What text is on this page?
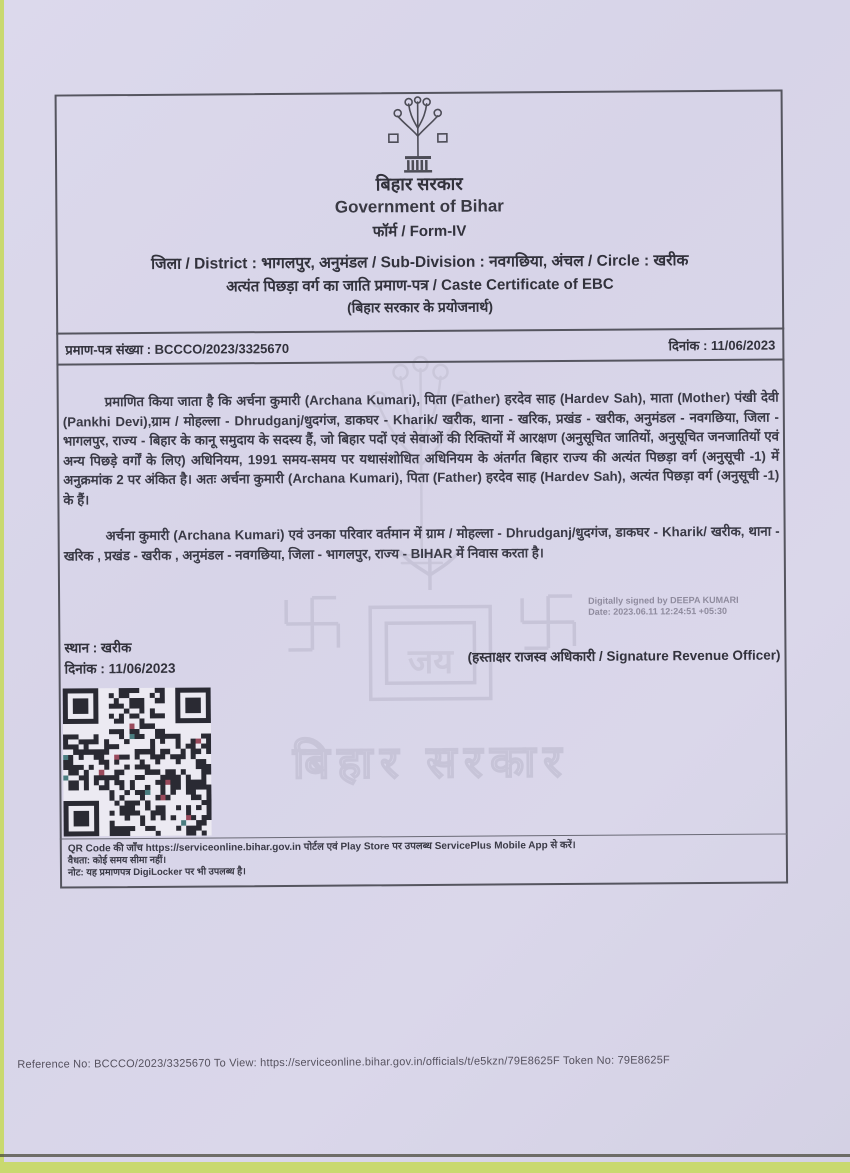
जय
बिहार सरकार
बिहार सरकार
Government of Bihar
फॉर्म / Form-IV
जिला / District : भागलपुर, अनुमंडल / Sub-Division : नवगछिया, अंचल / Circle : खरीक
अत्यंत पिछड़ा वर्ग का जाति प्रमाण-पत्र / Caste Certificate of EBC
(बिहार सरकार के प्रयोजनार्थ)
प्रमाण-पत्र संख्या : BCCCO/2023/3325670	दिनांक : 11/06/2023
प्रमाणित किया जाता है कि अर्चना कुमारी (Archana Kumari), पिता (Father) हरदेव साह (Hardev Sah), माता (Mother) पंखी देवी (Pankhi Devi),ग्राम / मोहल्ला - Dhrudganj/धुदगंज, डाकघर - Kharik/ खरीक, थाना - खरिक, प्रखंड - खरीक, अनुमंडल - नवगछिया, जिला - भागलपुर, राज्य - बिहार के कानू समुदाय के सदस्य हैं, जो बिहार पदों एवं सेवाओं की रिक्तियों में आरक्षण (अनुसूचित जातियों, अनुसूचित जनजातियों एवं अन्य पिछड़े वर्गों के लिए) अधिनियम, 1991 समय-समय पर यथासंशोधित अधिनियम के अंतर्गत बिहार राज्य की अत्यंत पिछड़ा वर्ग (अनुसूची -1) में अनुक्रमांक 2 पर अंकित है। अतः अर्चना कुमारी (Archana Kumari), पिता (Father) हरदेव साह (Hardev Sah), अत्यंत पिछड़ा वर्ग (अनुसूची -1) के हैं।
अर्चना कुमारी (Archana Kumari) एवं उनका परिवार वर्तमान में ग्राम / मोहल्ला - Dhrudganj/धुदगंज, डाकघर - Kharik/ खरीक, थाना - खरिक , प्रखंड - खरीक , अनुमंडल - नवगछिया, जिला - भागलपुर, राज्य - BIHAR में निवास करता है।
Digitally signed by DEEPA KUMARI
Date: 2023.06.11 12:24:51 +05:30
स्थान : खरीक
दिनांक : 11/06/2023
(हस्ताक्षर राजस्व अधिकारी / Signature Revenue Officer)
QR Code की जाँच https://serviceonline.bihar.gov.in पोर्टल एवं Play Store पर उपलब्ध ServicePlus Mobile App से करें।
वैधता: कोई समय सीमा नहीं।
नोट: यह प्रमाणपत्र DigiLocker पर भी उपलब्ध है।
Reference No: BCCCO/2023/3325670 To View: https://serviceonline.bihar.gov.in/officials/t/e5kzn/79E8625F Token No: 79E8625F
